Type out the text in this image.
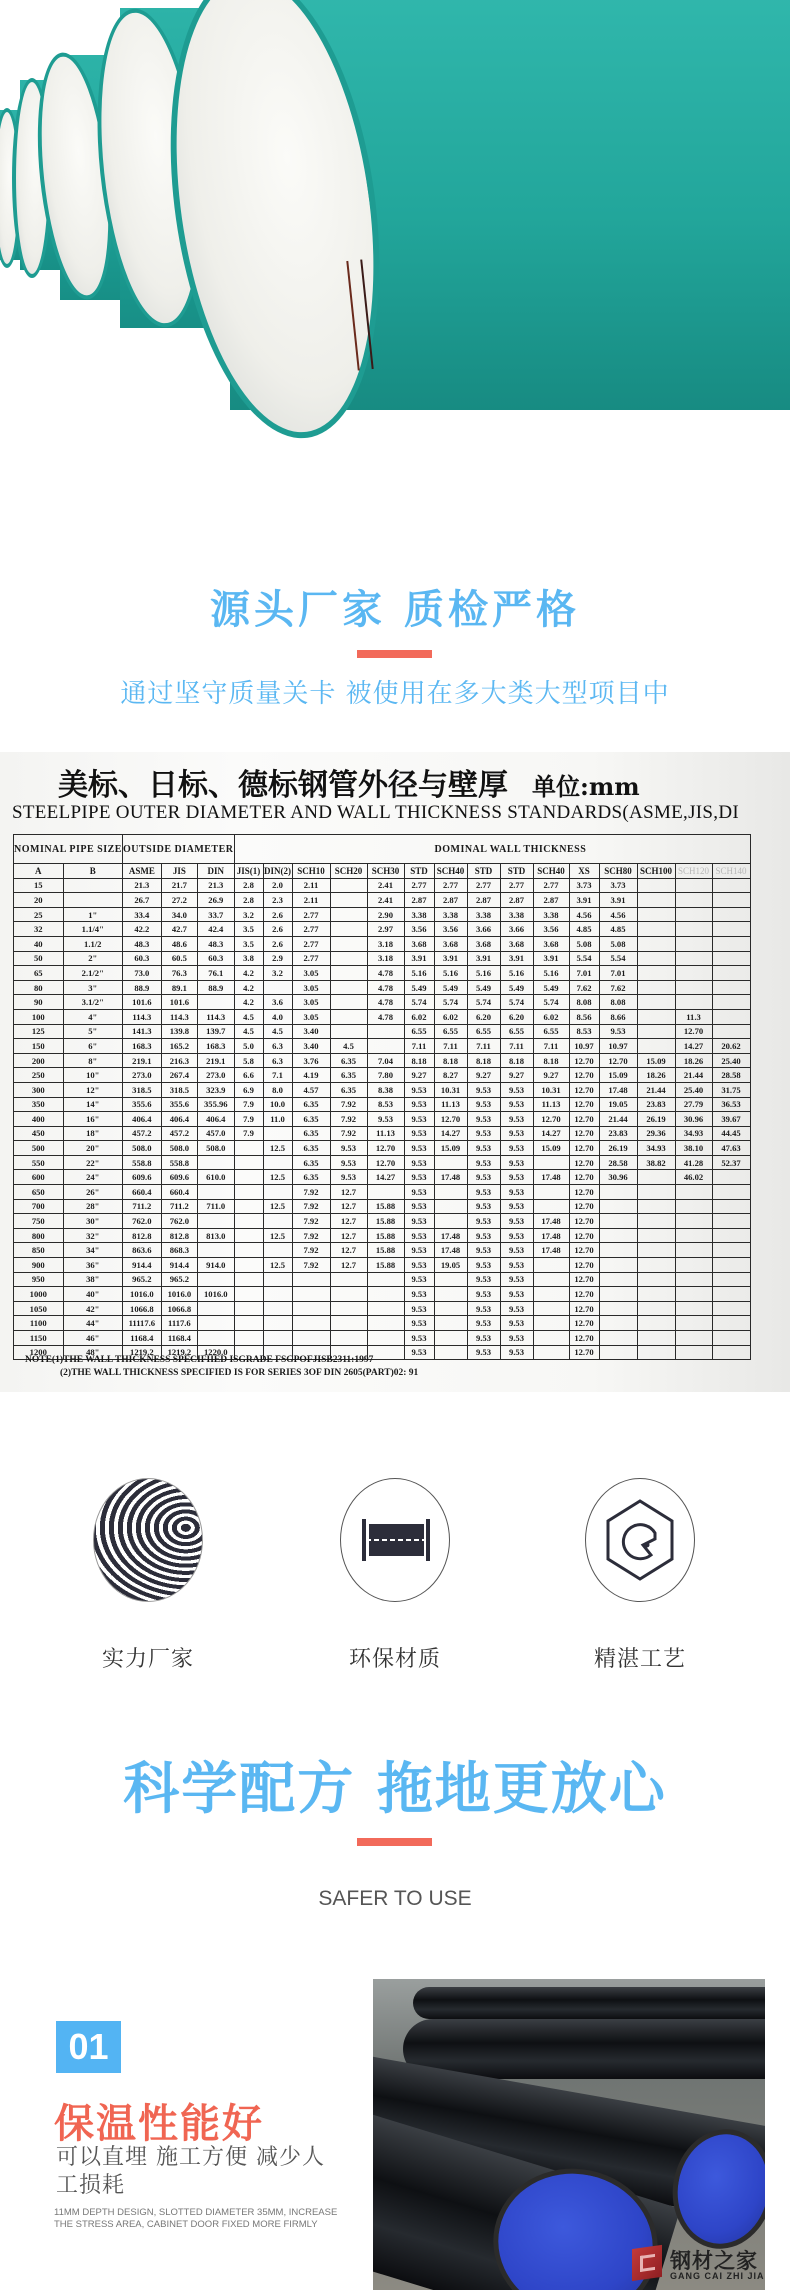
源头厂家 质检严格
通过坚守质量关卡 被使用在多大类大型项目中
美标、日标、德标钢管外径与壁厚 单位:mm
STEELPIPE OUTER DIAMETER AND WALL THICKNESS STANDARDS(ASME,JIS,DI
NOMINAL PIPE SIZE		OUTSIDE DIAMETER			DOMINAL WALL THICKNESS														
A	B	ASME	JIS	DIN	JIS(1)	DIN(2)	SCH10	SCH20	SCH30	STD	SCH40	STD	STD	SCH40	XS	SCH80	SCH100	SCH120	SCH140
15		21.3	21.7	21.3	2.8	2.0	2.11		2.41	2.77	2.77	2.77	2.77	2.77	3.73	3.73			
20		26.7	27.2	26.9	2.8	2.3	2.11		2.41	2.87	2.87	2.87	2.87	2.87	3.91	3.91			
25	1"	33.4	34.0	33.7	3.2	2.6	2.77		2.90	3.38	3.38	3.38	3.38	3.38	4.56	4.56			
32	1.1/4"	42.2	42.7	42.4	3.5	2.6	2.77		2.97	3.56	3.56	3.66	3.66	3.56	4.85	4.85			
40	1.1/2	48.3	48.6	48.3	3.5	2.6	2.77		3.18	3.68	3.68	3.68	3.68	3.68	5.08	5.08			
50	2"	60.3	60.5	60.3	3.8	2.9	2.77		3.18	3.91	3.91	3.91	3.91	3.91	5.54	5.54			
65	2.1/2"	73.0	76.3	76.1	4.2	3.2	3.05		4.78	5.16	5.16	5.16	5.16	5.16	7.01	7.01			
80	3"	88.9	89.1	88.9	4.2		3.05		4.78	5.49	5.49	5.49	5.49	5.49	7.62	7.62			
90	3.1/2"	101.6	101.6		4.2	3.6	3.05		4.78	5.74	5.74	5.74	5.74	5.74	8.08	8.08			
100	4"	114.3	114.3	114.3	4.5	4.0	3.05		4.78	6.02	6.02	6.20	6.20	6.02	8.56	8.66		11.3	
125	5"	141.3	139.8	139.7	4.5	4.5	3.40			6.55	6.55	6.55	6.55	6.55	8.53	9.53		12.70	
150	6"	168.3	165.2	168.3	5.0	6.3	3.40	4.5		7.11	7.11	7.11	7.11	7.11	10.97	10.97		14.27	20.62
200	8"	219.1	216.3	219.1	5.8	6.3	3.76	6.35	7.04	8.18	8.18	8.18	8.18	8.18	12.70	12.70	15.09	18.26	25.40
250	10"	273.0	267.4	273.0	6.6	7.1	4.19	6.35	7.80	9.27	8.27	9.27	9.27	9.27	12.70	15.09	18.26	21.44	28.58
300	12"	318.5	318.5	323.9	6.9	8.0	4.57	6.35	8.38	9.53	10.31	9.53	9.53	10.31	12.70	17.48	21.44	25.40	31.75
350	14"	355.6	355.6	355.96	7.9	10.0	6.35	7.92	8.53	9.53	11.13	9.53	9.53	11.13	12.70	19.05	23.83	27.79	36.53
400	16"	406.4	406.4	406.4	7.9	11.0	6.35	7.92	9.53	9.53	12.70	9.53	9.53	12.70	12.70	21.44	26.19	30.96	39.67
450	18"	457.2	457.2	457.0	7.9		6.35	7.92	11.13	9.53	14.27	9.53	9.53	14.27	12.70	23.83	29.36	34.93	44.45
500	20"	508.0	508.0	508.0		12.5	6.35	9.53	12.70	9.53	15.09	9.53	9.53	15.09	12.70	26.19	34.93	38.10	47.63
550	22"	558.8	558.8				6.35	9.53	12.70	9.53		9.53	9.53		12.70	28.58	38.82	41.28	52.37
600	24"	609.6	609.6	610.0		12.5	6.35	9.53	14.27	9.53	17.48	9.53	9.53	17.48	12.70	30.96		46.02	
650	26"	660.4	660.4				7.92	12.7		9.53		9.53	9.53		12.70				
700	28"	711.2	711.2	711.0		12.5	7.92	12.7	15.88	9.53		9.53	9.53		12.70				
750	30"	762.0	762.0				7.92	12.7	15.88	9.53		9.53	9.53	17.48	12.70				
800	32"	812.8	812.8	813.0		12.5	7.92	12.7	15.88	9.53	17.48	9.53	9.53	17.48	12.70				
850	34"	863.6	868.3				7.92	12.7	15.88	9.53	17.48	9.53	9.53	17.48	12.70				
900	36"	914.4	914.4	914.0		12.5	7.92	12.7	15.88	9.53	19.05	9.53	9.53		12.70				
950	38"	965.2	965.2							9.53		9.53	9.53		12.70				
1000	40"	1016.0	1016.0	1016.0						9.53		9.53	9.53		12.70				
1050	42"	1066.8	1066.8							9.53		9.53	9.53		12.70				
1100	44"	11117.6	1117.6							9.53		9.53	9.53		12.70				
1150	46"	1168.4	1168.4							9.53		9.53	9.53		12.70				
1200	48"	1219.2	1219.2	1220.0						9.53		9.53	9.53		12.70				
NOTE(1)THE WALL THICKNESS SPECIFIIED ISGRADE FSGPOFJISB2311:1997
(2)THE WALL THICKNESS SPECIFIED IS FOR SERIES 3OF DIN 2605(PART)02: 91
实力厂家	环保材质	精湛工艺
科学配方 拖地更放心
SAFER TO USE
01
保温性能好
可以直埋 施工方便 减少人工损耗
11MM DEPTH DESIGN, SLOTTED DIAMETER 35MM, INCREASE THE STRESS AREA, CABINET DOOR FIXED MORE FIRMLY
钢材之家
GANG CAI ZHI JIA
